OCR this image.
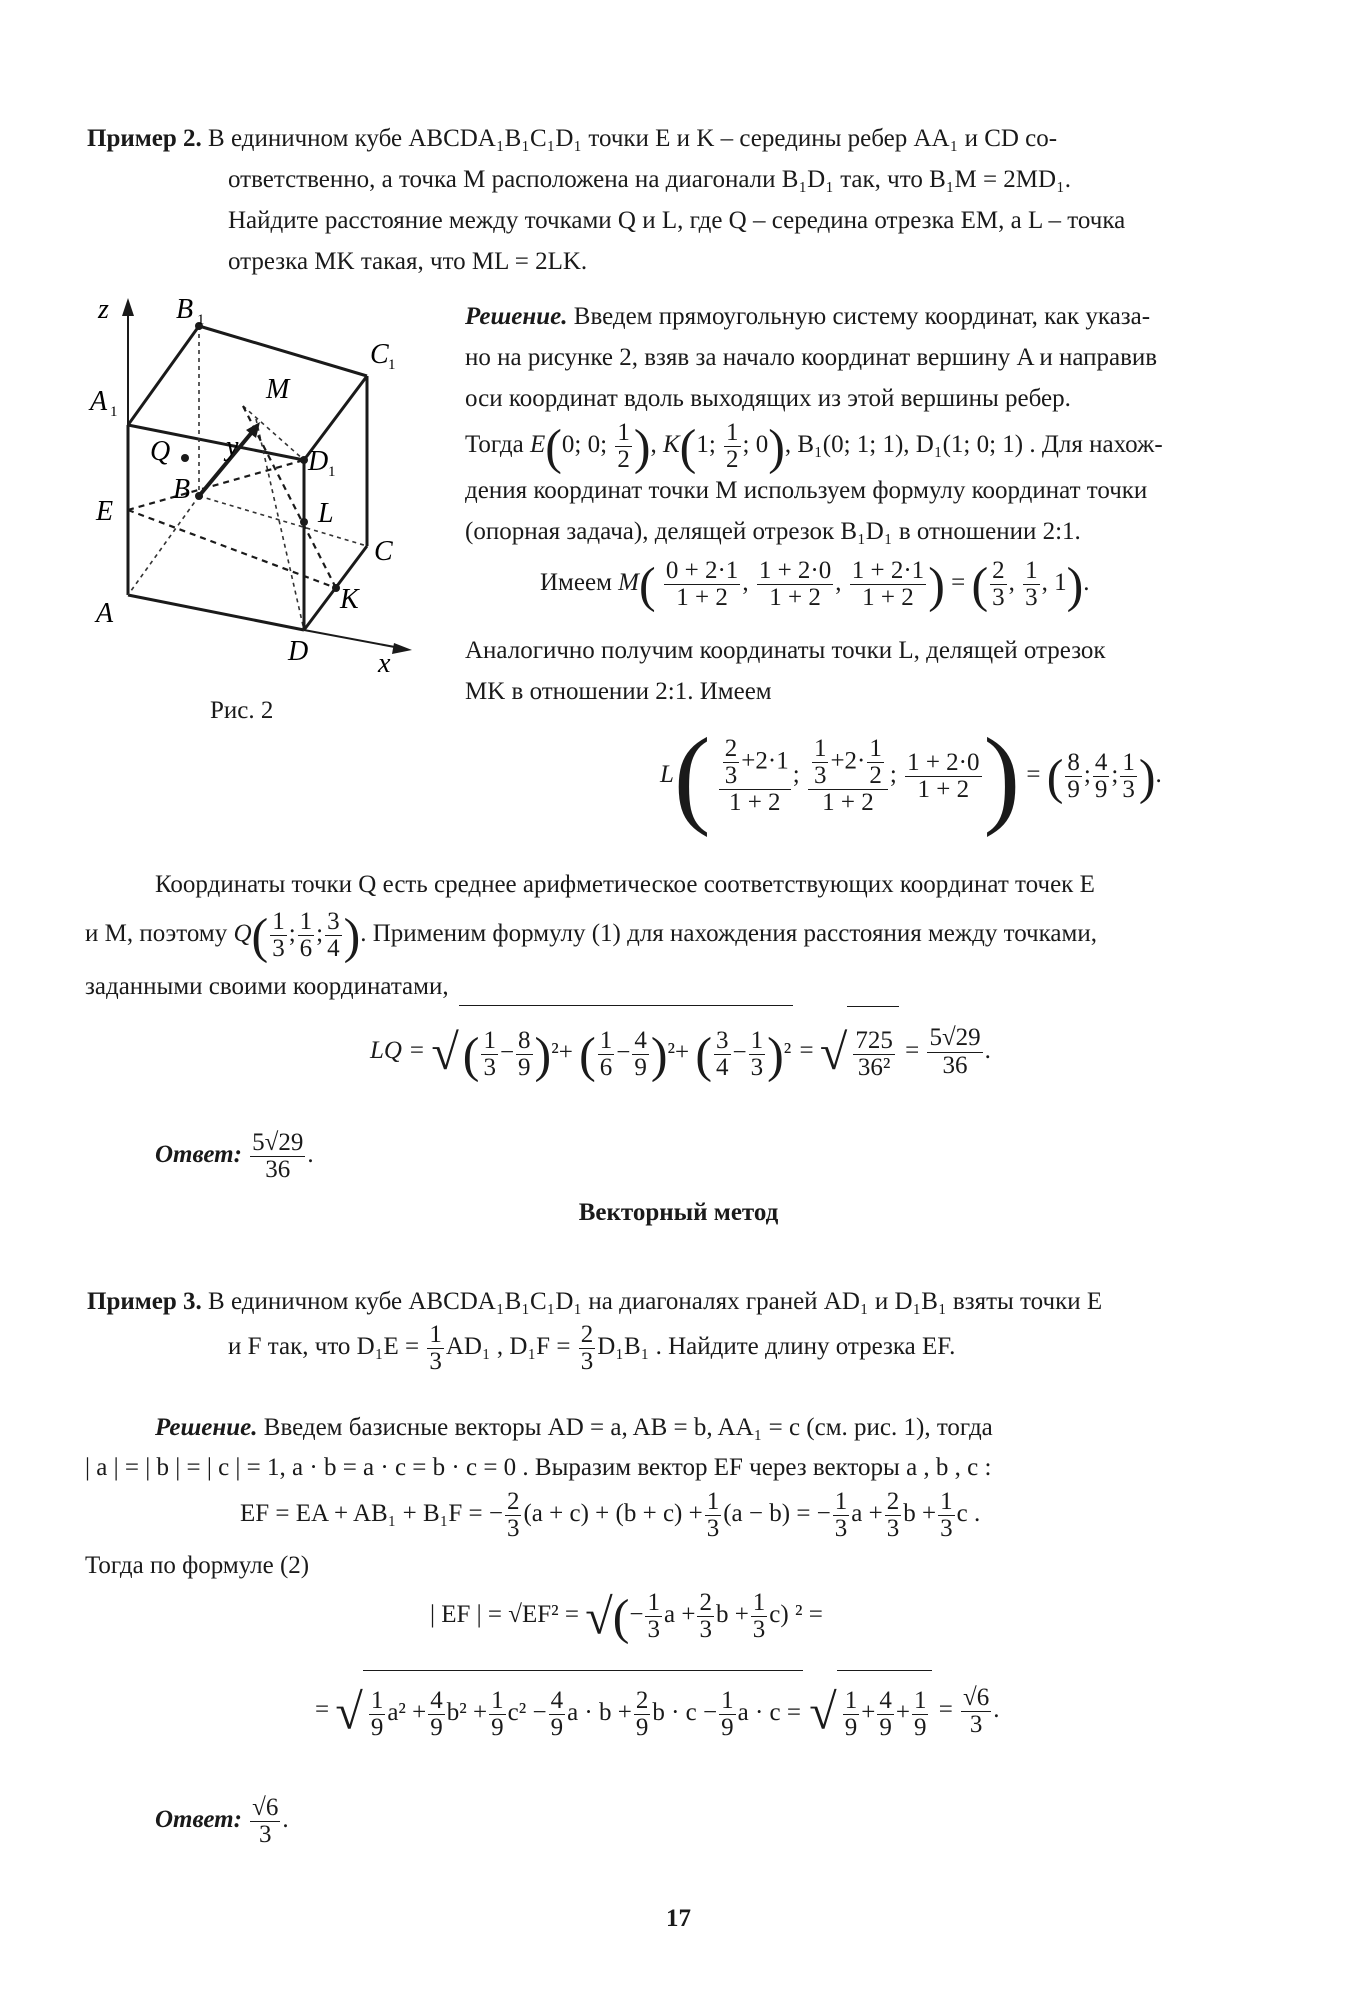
Пример 2. В единичном кубе ABCDA₁B₁C₁D₁ точки E и K – середины ребер AA₁ и CD со-
ответственно, а точка M расположена на диагонали B₁D₁ так, что B₁M = 2MD₁.
Найдите расстояние между точками Q и L, где Q – середина отрезка EM, а L – точка
отрезка MK такая, что ML = 2LK.
z B 1
C 1
A 1
M
Q y D 1
B
E	L
C
A	K
D x
Рис. 2
Решение. Введем прямоугольную систему координат, как указа-
но на рисунке 2, взяв за начало координат вершину A и направив
оси координат вдоль выходящих из этой вершины ребер.
Тогда E(0; 0; $\frac{1}{2}$ ), K(1; $\frac{1}{2}$ ; 0), B₁(0; 1; 1), D₁(1; 0; 1) . Для нахож-
дения координат точки M используем формулу координат точки
(опорная задача), делящей отрезок B₁D₁ в отношении 2:1.
Имеем $M( \frac{0 + 2\cdot 1}{1 + 2}$ , $\frac{1 + 2\cdot 0}{1 + 2}$ , $\frac{1 + 2\cdot 1}{1 + 2}$ ) = ( $\frac{2}{3}$ , $\frac{1}{3}$ , 1).
Аналогично получим координаты точки L, делящей отрезок
MK в отношении 2:1. Имеем
$L( \frac{\frac{2}{3} +2\cdot 1}{1 + 2}$ ; $\frac{\frac{1}{3} +2\cdot \frac{1}{2}}{1 + 2}$ ; $\frac{1 + 2\cdot 0}{1 + 2}$ ) = ( $\frac{8}{9}$ ; $\frac{4}{9}$ ; $\frac{1}{3}$ ).
Координаты точки Q есть среднее арифметическое соответствующих координат точек E
и M, поэтому $Q( \frac{1}{3}$ ; $\frac{1}{6}$ ; $\frac{3}{4}$ ). Применим формулу (1) для нахождения расстояния между точками,
заданными своими координатами,
LQ = √( $\frac{1}{3} - \frac{8}{9} )^2+$ ( $\frac{1}{6} - \frac{4}{9} )^2+$ ( $\frac{3}{4} - \frac{1}{3} )^2$ = √ $\frac{725}{\text{36²}} = \frac{5√29}{36}$ .
Ответ: $\frac{5√29}{36}$ .
Векторный метод
Пример 3. В единичном кубе ABCDA₁B₁C₁D₁ на диагоналях граней AD₁ и D₁B₁ взяты точки E
и F так, что $D_1E = \frac{1}{3} AD_1$ , $D_1F = \frac{2}{3} D_1B_1$ . Найдите длину отрезка EF.
Решение. Введем базисные векторы AD = a, AB = b, AA₁ = c (см. рис. 1), тогда
| a | = | b | = | c | = 1, a · b = a · c = b · c = 0 . Выразим вектор EF через векторы a , b , c :
EF = EA + AB₁ + B₁F = − $\frac{2}{3} (a + c) + (b + c) + \frac{1}{3} (a - b)$ = − $\frac{1}{3}$ $a + \frac{2}{3}$ $b + \frac{1}{3}$ c .
Тогда по формуле (2)
| EF | = √EF² = √(− $\frac{1}{3}$ $a + \frac{2}{3}$ $b + \frac{1}{3} c$) ² =
= √ $\frac{1}{9} a^2 + \frac{4}{9} b^2 + \frac{1}{9} c^2 - \frac{4}{9}$ $a \cdot b + \frac{2}{9}$ $b \cdot c - \frac{1}{9}$ a · c = √ $\frac{1}{9} + \frac{4}{9} + \frac{1}{9} = \frac{√6}{3}$ .
Ответ: $\frac{√6}{3}$ .
17
